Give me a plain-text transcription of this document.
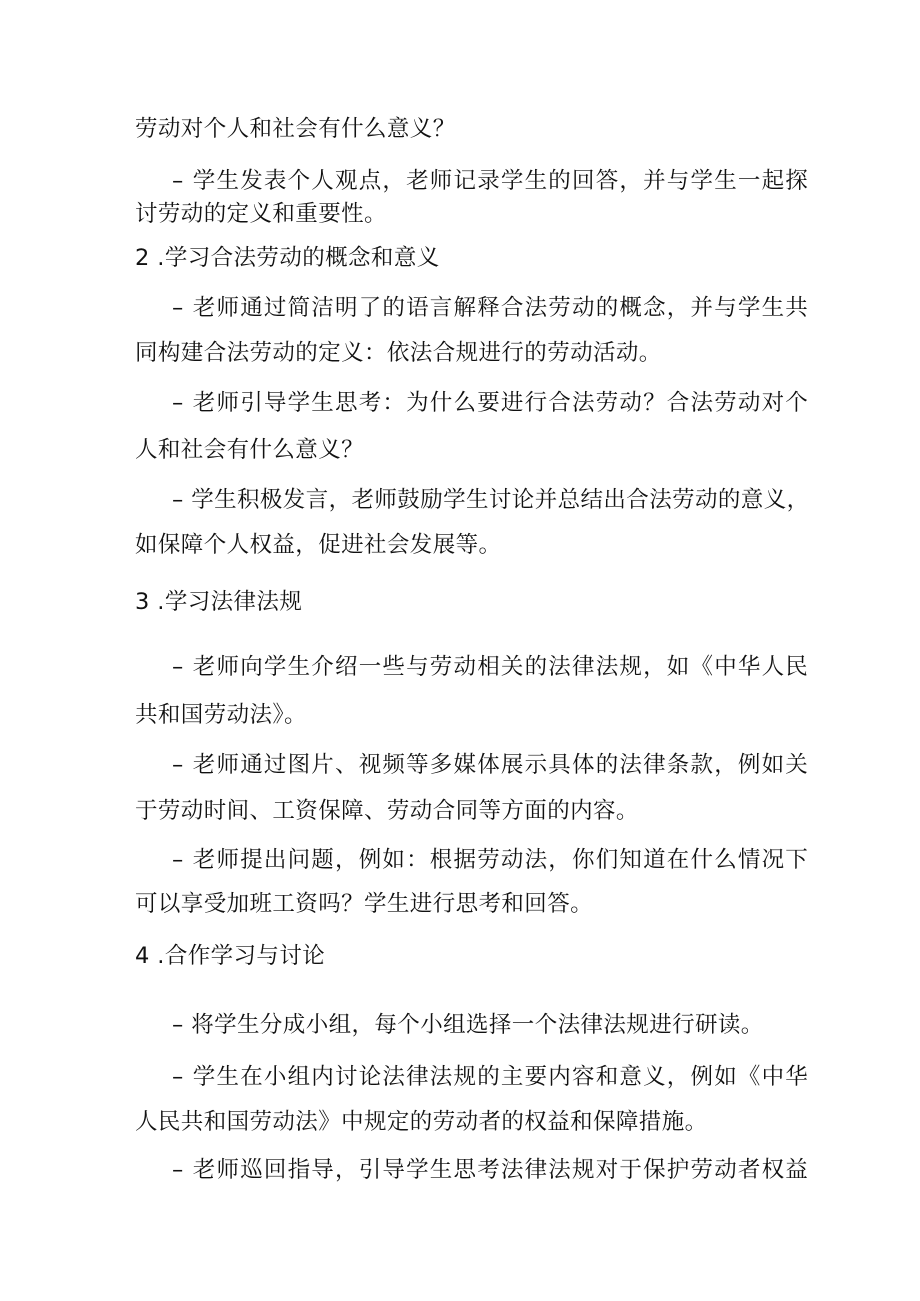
劳动对个人和社会有什么意义？
– 学生发表个人观点，老师记录学生的回答，并与学生一起探
讨劳动的定义和重要性。
2 .学习合法劳动的概念和意义
– 老师通过简洁明了的语言解释合法劳动的概念，并与学生共
同构建合法劳动的定义：依法合规进行的劳动活动。
– 老师引导学生思考：为什么要进行合法劳动？合法劳动对个
人和社会有什么意义？
– 学生积极发言，老师鼓励学生讨论并总结出合法劳动的意义，
如保障个人权益，促进社会发展等。
3 .学习法律法规
– 老师向学生介绍一些与劳动相关的法律法规，如《中华人民
共和国劳动法》。
– 老师通过图片、视频等多媒体展示具体的法律条款，例如关
于劳动时间、工资保障、劳动合同等方面的内容。
– 老师提出问题，例如：根据劳动法，你们知道在什么情况下
可以享受加班工资吗？学生进行思考和回答。
4 .合作学习与讨论
– 将学生分成小组，每个小组选择一个法律法规进行研读。
– 学生在小组内讨论法律法规的主要内容和意义，例如《中华
人民共和国劳动法》中规定的劳动者的权益和保障措施。
– 老师巡回指导，引导学生思考法律法规对于保护劳动者权益
